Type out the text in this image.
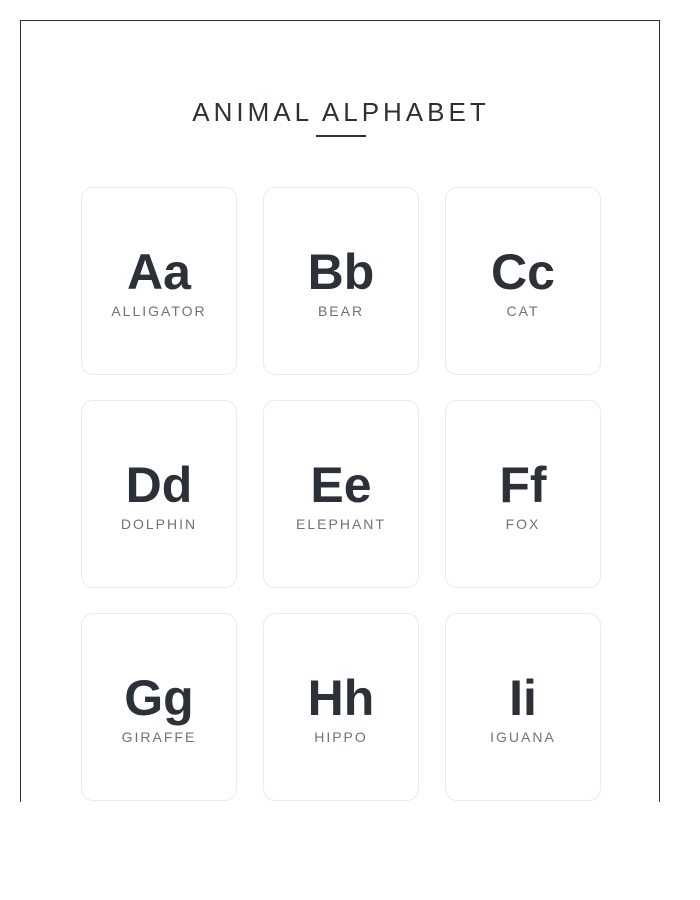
ANIMAL ALPHABET
Aa
ALLIGATOR
Bb
BEAR
Cc
CAT
Dd
DOLPHIN
Ee
ELEPHANT
Ff
FOX
Gg
GIRAFFE
Hh
HIPPO
Ii
IGUANA
